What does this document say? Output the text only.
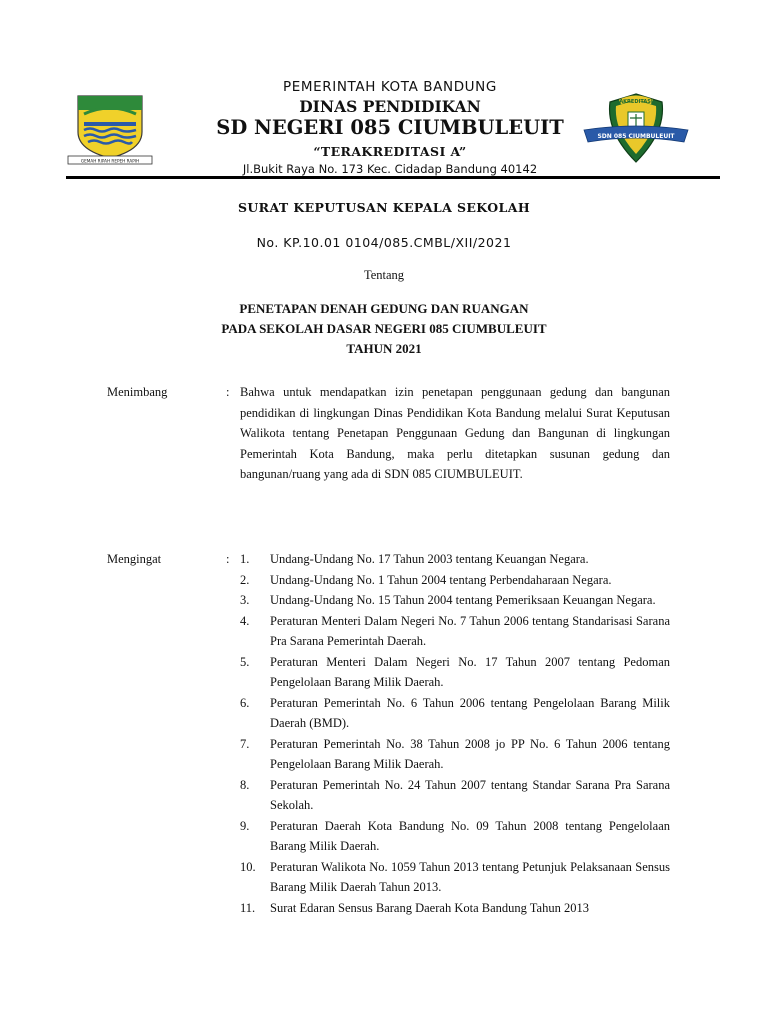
GEMAH RIPAH REPEH RAPIH
PEMERINTAH KOTA BANDUNG
DINAS PENDIDIKAN
SD NEGERI 085 CIUMBULEUIT
“TERAKREDITASI A”
Jl.Bukit Raya No. 173 Kec. Cidadap Bandung 40142
AKREDITASI
SDN 085 CIUMBULEUIT
SURAT KEPUTUSAN KEPALA SEKOLAH
No. KP.10.01 0104/085.CMBL/XII/2021
Tentang
PENETAPAN DENAH GEDUNG DAN RUANGAN
PADA SEKOLAH DASAR NEGERI 085 CIUMBULEUIT
TAHUN 2021
Menimbang	: Bahwa untuk mendapatkan izin penetapan penggunaan gedung dan bangunan pendidikan di lingkungan Dinas Pendidikan Kota Bandung melalui Surat Keputusan Walikota tentang Penetapan Penggunaan Gedung dan Bangunan di lingkungan Pemerintah Kota Bandung, maka perlu ditetapkan susunan gedung dan bangunan/ruang yang ada di SDN 085 CIUMBULEUIT.
Mengingat	: 1. Undang-Undang No. 17 Tahun 2003 tentang Keuangan Negara.
2. Undang-Undang No. 1 Tahun 2004 tentang Perbendaharaan Negara.
3. Undang-Undang No. 15 Tahun 2004 tentang Pemeriksaan Keuangan Negara.
4. Peraturan Menteri Dalam Negeri No. 7 Tahun 2006 tentang Standarisasi Sarana Pra Sarana Pemerintah Daerah.
5. Peraturan Menteri Dalam Negeri No. 17 Tahun 2007 tentang Pedoman Pengelolaan Barang Milik Daerah.
6. Peraturan Pemerintah No. 6 Tahun 2006 tentang Pengelolaan Barang Milik Daerah (BMD).
7. Peraturan Pemerintah No. 38 Tahun 2008 jo PP No. 6 Tahun 2006 tentang Pengelolaan Barang Milik Daerah.
8. Peraturan Pemerintah No. 24 Tahun 2007 tentang Standar Sarana Pra Sarana Sekolah.
9. Peraturan Daerah Kota Bandung No. 09 Tahun 2008 tentang Pengelolaan Barang Milik Daerah.
10. Peraturan Walikota No. 1059 Tahun 2013 tentang Petunjuk Pelaksanaan Sensus Barang Milik Daerah Tahun 2013.
11. Surat Edaran Sensus Barang Daerah Kota Bandung Tahun 2013
